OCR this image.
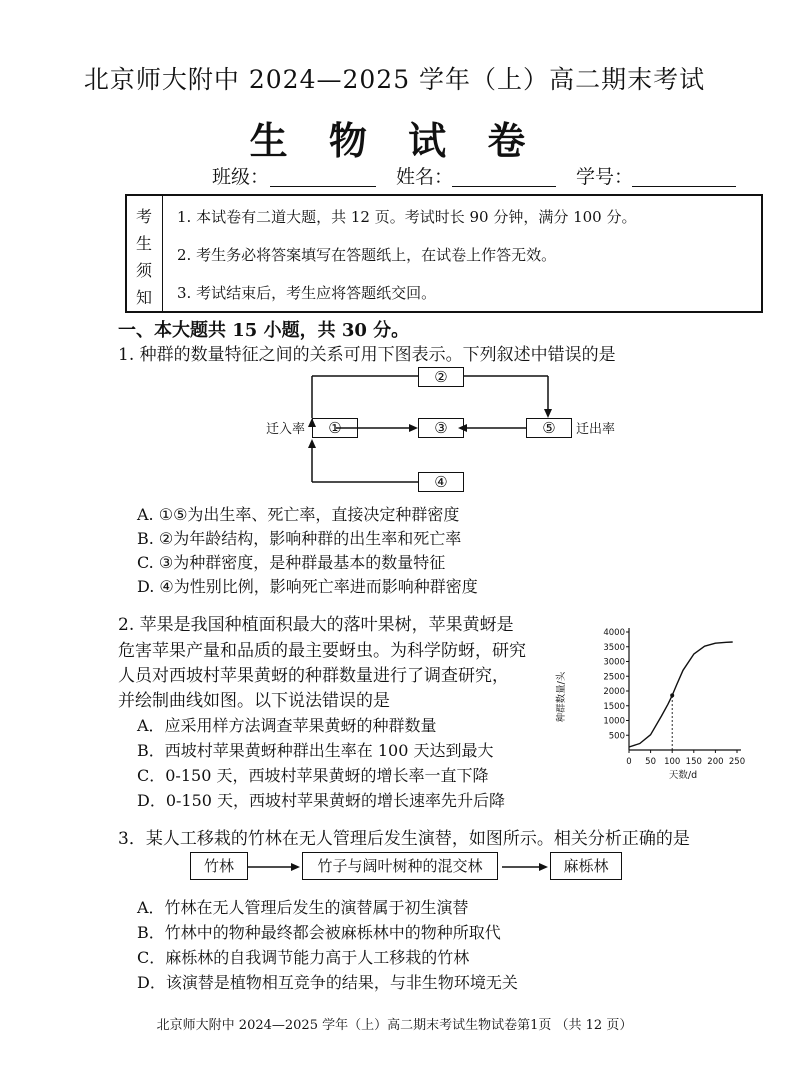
北京师大附中 2024—2025 学年（上）高二期末考试
生 物 试 卷
班级：	姓名：	学号：
考
生
须
知
1. 本试卷有二道大题，共 12 页。考试时长 90 分钟，满分 100 分。
2. 考生务必将答案填写在答题纸上，在试卷上作答无效。
3. 考试结束后，考生应将答题纸交回。
一、本大题共 15 小题，共 30 分。
1. 种群的数量特征之间的关系可用下图表示。下列叙述中错误的是
②
①	③	⑤
④
迁入率	迁出率
A. ①⑤为出生率、死亡率，直接决定种群密度
B. ②为年龄结构，影响种群的出生率和死亡率
C. ③为种群密度，是种群最基本的数量特征
D. ④为性别比例，影响死亡率进而影响种群密度
2. 苹果是我国种植面积最大的落叶果树，苹果黄蚜是
危害苹果产量和品质的最主要蚜虫。为科学防蚜，研究
人员对西坡村苹果黄蚜的种群数量进行了调查研究，
并绘制曲线如图。以下说法错误的是
A．应采用样方法调查苹果黄蚜的种群数量
B．西坡村苹果黄蚜种群出生率在 100 天达到最大
C．0-150 天，西坡村苹果黄蚜的增长率一直下降
D．0-150 天，西坡村苹果黄蚜的增长速率先升后降
0 50 100 150 200 250
500
1000
1500
2000
2500
3000
3500
4000
天数/d
种群数量/头
3．某人工移栽的竹林在无人管理后发生演替，如图所示。相关分析正确的是
竹林	竹子与阔叶树种的混交林	麻栎林
A．竹林在无人管理后发生的演替属于初生演替
B．竹林中的物种最终都会被麻栎林中的物种所取代
C．麻栎林的自我调节能力高于人工移栽的竹林
D．该演替是植物相互竞争的结果，与非生物环境无关
北京师大附中 2024—2025 学年（上）高二期末考试生物试卷第1页 （共 12 页）
